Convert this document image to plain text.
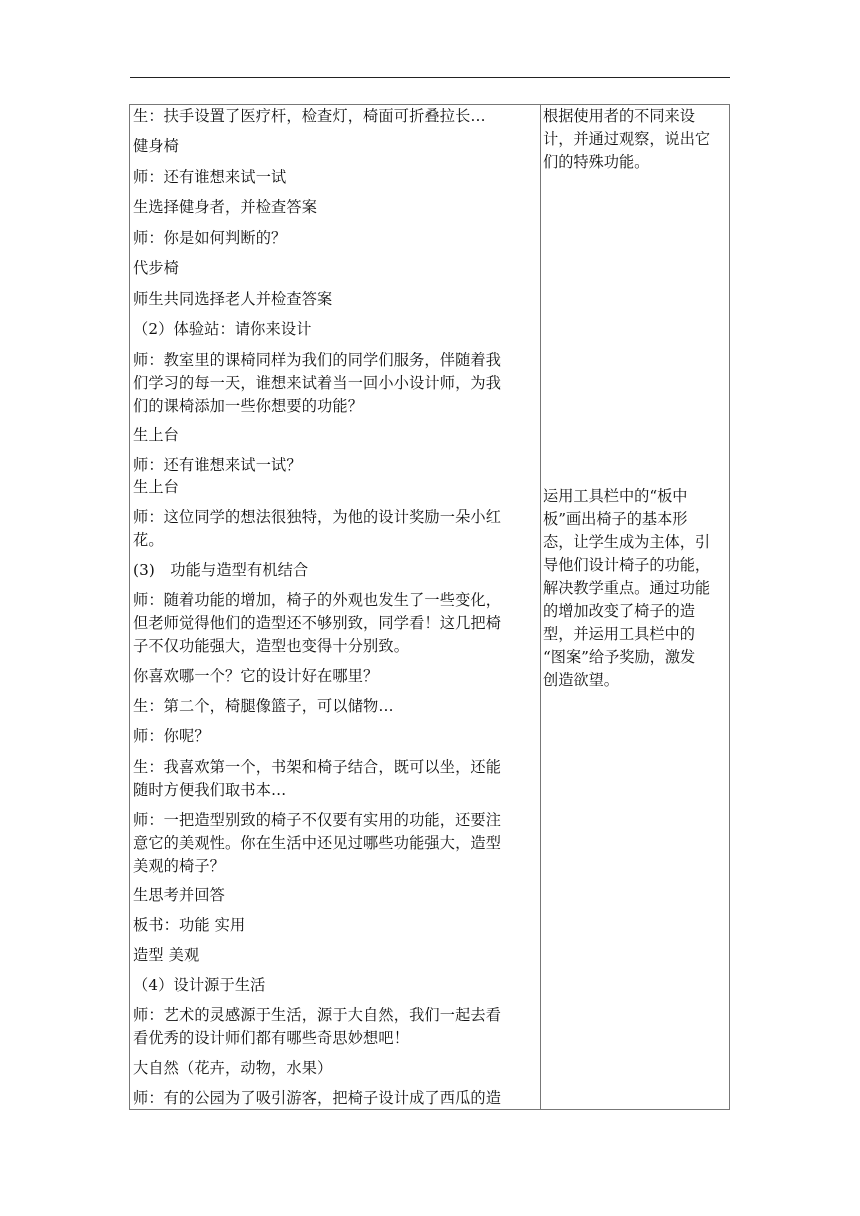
生：扶手设置了医疗杆，检查灯，椅面可折叠拉长…
健身椅
师：还有谁想来试一试
生选择健身者，并检查答案
师：你是如何判断的？
代步椅
师生共同选择老人并检查答案
（2）体验站：请你来设计
师：教室里的课椅同样为我们的同学们服务，伴随着我
们学习的每一天，谁想来试着当一回小小设计师，为我
们的课椅添加一些你想要的功能？
生上台
师：还有谁想来试一试？
生上台
师：这位同学的想法很独特，为他的设计奖励一朵小红
花。
(3)　功能与造型有机结合
师：随着功能的增加，椅子的外观也发生了一些变化，
但老师觉得他们的造型还不够别致，同学看！这几把椅
子不仅功能强大，造型也变得十分别致。
你喜欢哪一个？它的设计好在哪里？
生：第二个，椅腿像篮子，可以储物…
师：你呢？
生：我喜欢第一个，书架和椅子结合，既可以坐，还能
随时方便我们取书本…
师：一把造型别致的椅子不仅要有实用的功能，还要注
意它的美观性。你在生活中还见过哪些功能强大，造型
美观的椅子？
生思考并回答
板书：功能 实用
造型 美观
（4）设计源于生活
师：艺术的灵感源于生活，源于大自然，我们一起去看
看优秀的设计师们都有哪些奇思妙想吧！
大自然（花卉，动物，水果）
师：有的公园为了吸引游客，把椅子设计成了西瓜的造
根据使用者的不同来设
计，并通过观察，说出它
们的特殊功能。
运用工具栏中的“板中
板”画出椅子的基本形
态，让学生成为主体，引
导他们设计椅子的功能，
解决教学重点。通过功能
的增加改变了椅子的造
型，并运用工具栏中的
“图案”给予奖励，激发
创造欲望。
